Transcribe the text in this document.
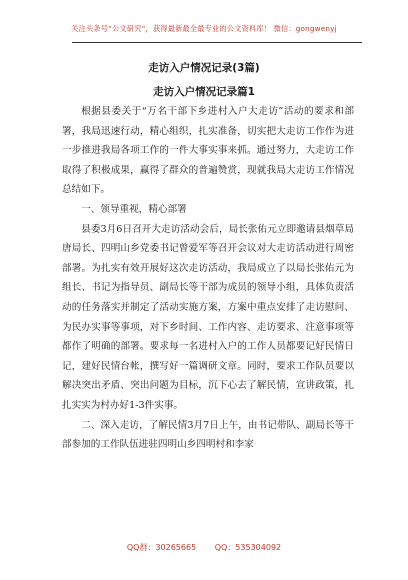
关注头条号“公文研究”，获得最新最全最专业的公文资料库！ 微信：gongwenyj
走访入户情况记录(3篇)
走访入户情况记录篇1

根据县委关于“万名干部下乡进村入户大走访”活动的要求和部署，我局迅速行动，精心组织，扎实准备，切实把大走访工作作为进一步推进我局各项工作的一件大事实事来抓。通过努力，大走访工作取得了积极成果，赢得了群众的普遍赞赏，现就我局大走访工作情况总结如下。

一、领导重视，精心部署

县委3月6日召开大走访活动会后，局长张佑元立即邀请县烟草局唐局长、四明山乡党委书记曾爱军等召开会议对大走访活动进行周密部署。为扎实有效开展好这次走访活动，我局成立了以局长张佑元为组长、书记为指导员、副局长等干部为成员的领导小组，具体负责活动的任务落实并制定了活动实施方案，方案中重点安排了走访慰问、为民办实事等事项，对下乡时间、工作内容、走访要求、注意事项等都作了明确的部署。要求每一名进村入户的工作人员都要记好民情日记，建好民情台帐，撰写好一篇调研文章。同时，要求工作队员要以解决突出矛盾、突出问题为目标，沉下心去了解民情，宣讲政策，扎扎实实为村办好1-3件实事。

二、深入走访，了解民情3月7日上午，由书记带队、副局长等干部参加的工作队伍进驻四明山乡四明村和李家

QQ群：30265665 QQ：535304092
